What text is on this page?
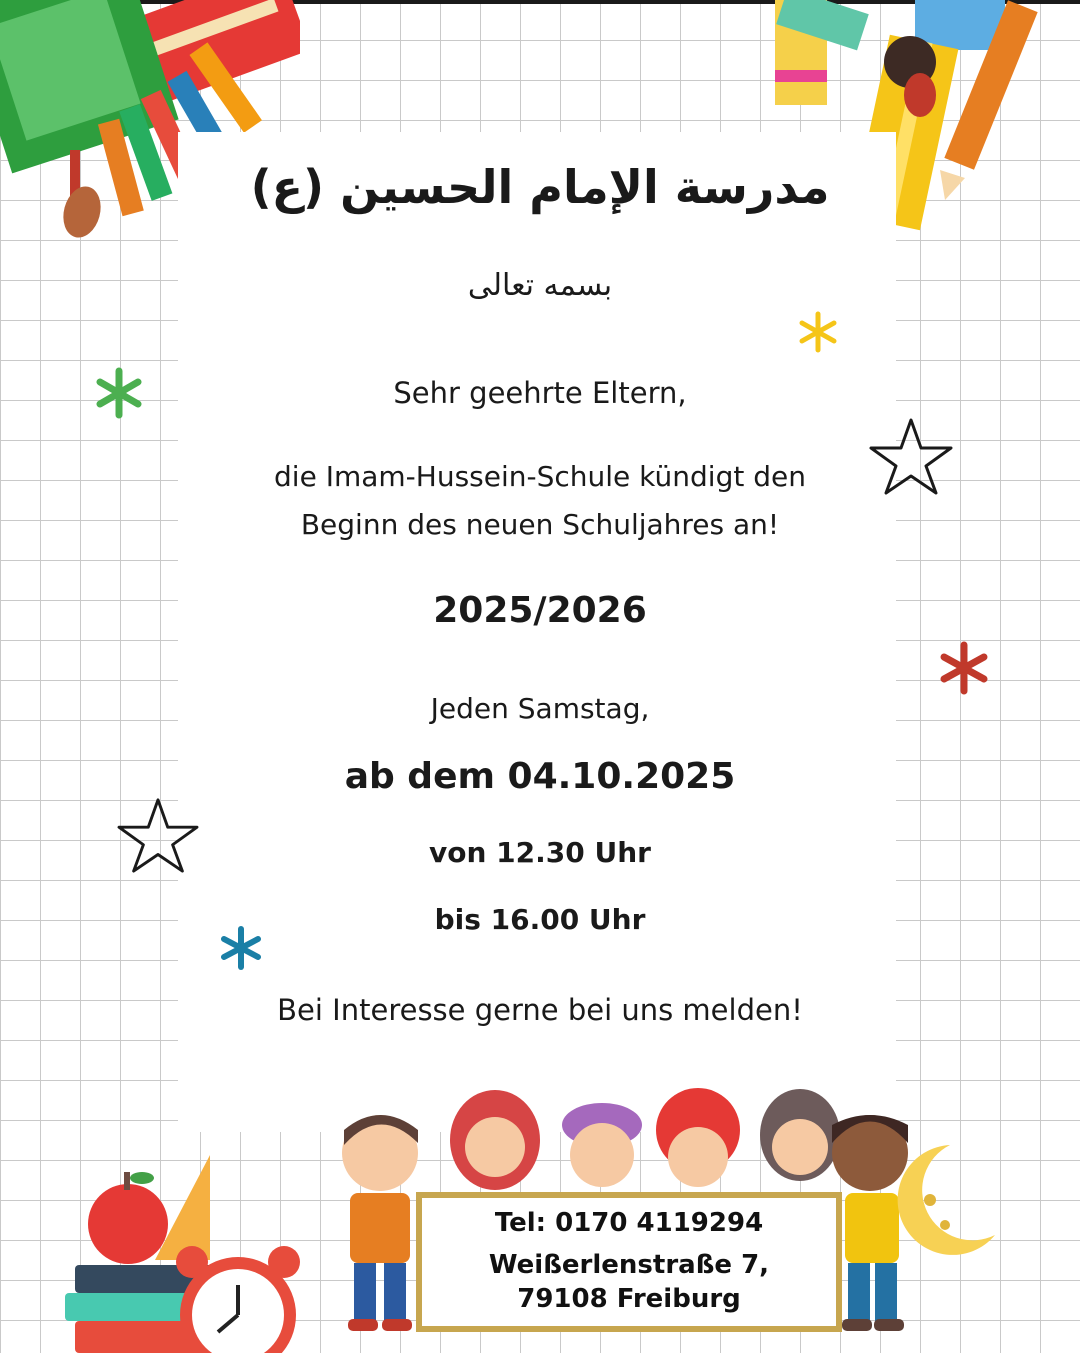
مدرسة الإمام الحسين (ع)
بسمه تعالى
Sehr geehrte Eltern,
die Imam-Hussein-Schule kündigt den
Beginn des neuen Schuljahres an!
2025/2026
Jeden Samstag,
ab dem 04.10.2025
von 12.30 Uhr
bis 16.00 Uhr
Bei Interesse gerne bei uns melden!
Tel: 0170 4119294
Weißerlenstraße 7,
79108 Freiburg
